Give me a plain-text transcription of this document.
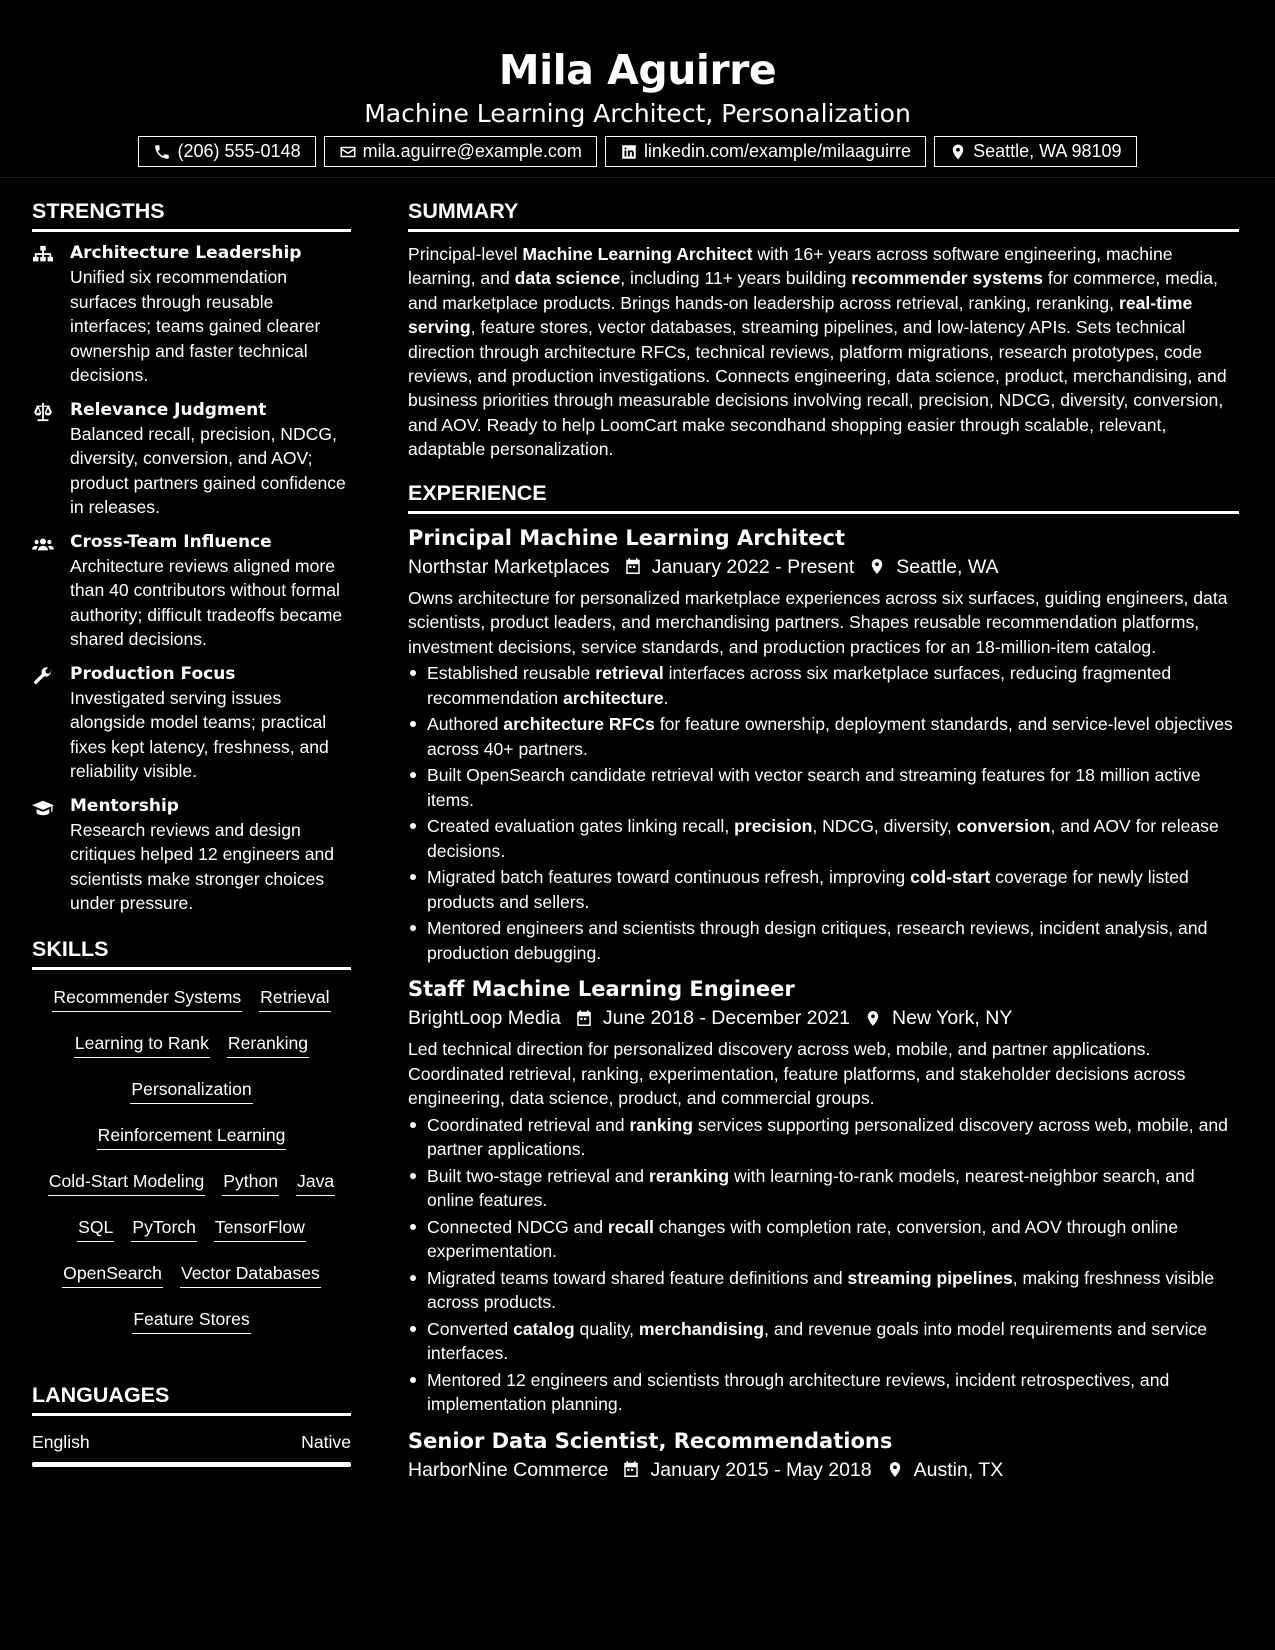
Mila Aguirre
Machine Learning Architect, Personalization
(206) 555-0148	mila.aguirre@example.com	linkedin.com/example/milaaguirre	Seattle, WA 98109
STRENGTHS
Architecture Leadership
Unified six recommendation surfaces through reusable interfaces; teams gained clearer ownership and faster technical decisions.
Relevance Judgment
Balanced recall, precision, NDCG, diversity, conversion, and AOV; product partners gained confidence in releases.
Cross-Team Influence
Architecture reviews aligned more than 40 contributors without formal authority; difficult tradeoffs became shared decisions.
Production Focus
Investigated serving issues alongside model teams; practical fixes kept latency, freshness, and reliability visible.
Mentorship
Research reviews and design critiques helped 12 engineers and scientists make stronger choices under pressure.
SKILLS
Recommender Systems Retrieval
Learning to Rank Reranking
Personalization
Reinforcement Learning
Cold-Start Modeling Python Java
SQL PyTorch TensorFlow
OpenSearch Vector Databases
Feature Stores
LANGUAGES
English	Native
SUMMARY

Principal-level Machine Learning Architect with 16+ years across software engineering, machine learning, and data science, including 11+ years building recommender systems for commerce, media, and marketplace products. Brings hands-on leadership across retrieval, ranking, reranking, real-time serving, feature stores, vector databases, streaming pipelines, and low-latency APIs. Sets technical direction through architecture RFCs, technical reviews, platform migrations, research prototypes, code reviews, and production investigations. Connects engineering, data science, product, merchandising, and business priorities through measurable decisions involving recall, precision, NDCG, diversity, conversion, and AOV. Ready to help LoomCart make secondhand shopping easier through scalable, relevant, adaptable personalization.

EXPERIENCE
Principal Machine Learning Architect
Northstar Marketplaces January 2022 - Present Seattle, WA

Owns architecture for personalized marketplace experiences across six surfaces, guiding engineers, data scientists, product leaders, and merchandising partners. Shapes reusable recommendation platforms, investment decisions, service standards, and production practices for an 18-million-item catalog.

Established reusable retrieval interfaces across six marketplace surfaces, reducing fragmented recommendation architecture.
Authored architecture RFCs for feature ownership, deployment standards, and service-level objectives across 40+ partners.
Built OpenSearch candidate retrieval with vector search and streaming features for 18 million active items.
Created evaluation gates linking recall, precision, NDCG, diversity, conversion, and AOV for release decisions.
Migrated batch features toward continuous refresh, improving cold-start coverage for newly listed products and sellers.
Mentored engineers and scientists through design critiques, research reviews, incident analysis, and production debugging.
Staff Machine Learning Engineer
BrightLoop Media June 2018 - December 2021 New York, NY

Led technical direction for personalized discovery across web, mobile, and partner applications. Coordinated retrieval, ranking, experimentation, feature platforms, and stakeholder decisions across engineering, data science, product, and commercial groups.

Coordinated retrieval and ranking services supporting personalized discovery across web, mobile, and partner applications.
Built two-stage retrieval and reranking with learning-to-rank models, nearest-neighbor search, and online features.
Connected NDCG and recall changes with completion rate, conversion, and AOV through online experimentation.
Migrated teams toward shared feature definitions and streaming pipelines, making freshness visible across products.
Converted catalog quality, merchandising, and revenue goals into model requirements and service interfaces.
Mentored 12 engineers and scientists through architecture reviews, incident retrospectives, and implementation planning.
Senior Data Scientist, Recommendations
HarborNine Commerce January 2015 - May 2018 Austin, TX
